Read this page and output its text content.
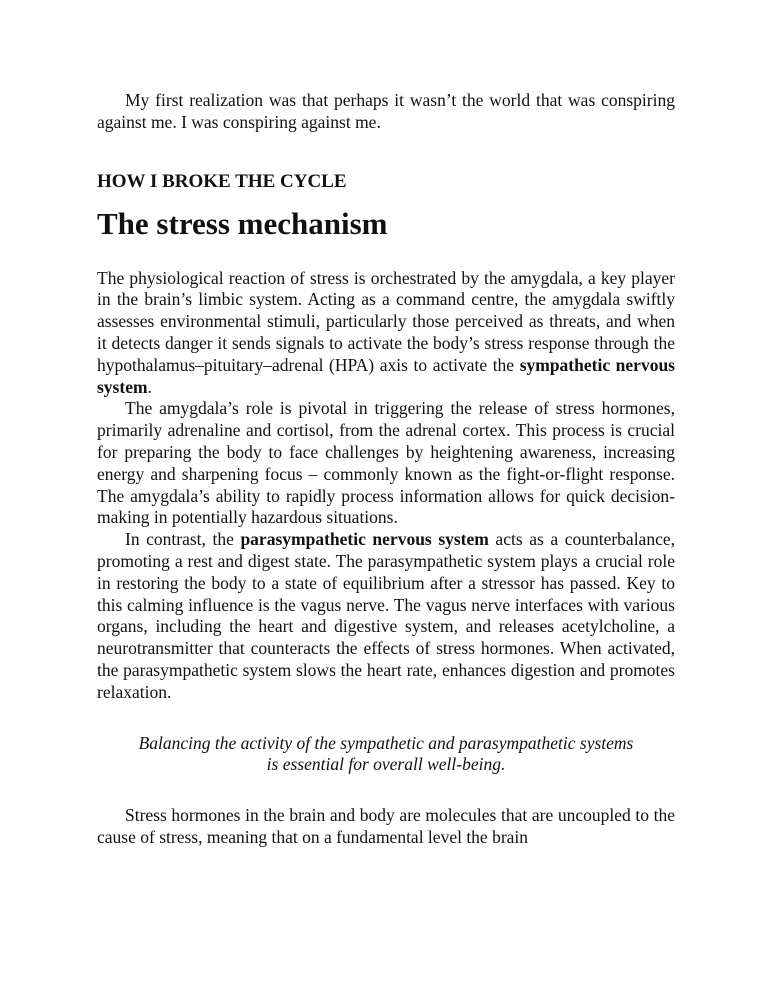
My first realization was that perhaps it wasn’t the world that was conspiring against me. I was conspiring against me.

HOW I BROKE THE CYCLE
The stress mechanism

The physiological reaction of stress is orchestrated by the amygdala, a key player in the brain’s limbic system. Acting as a command centre, the amygdala swiftly assesses environmental stimuli, particularly those perceived as threats, and when it detects danger it sends signals to activate the body’s stress response through the hypothalamus–pituitary–adrenal (HPA) axis to activate the sympathetic nervous system.

The amygdala’s role is pivotal in triggering the release of stress hormones, primarily adrenaline and cortisol, from the adrenal cortex. This process is crucial for preparing the body to face challenges by heightening awareness, increasing energy and sharpening focus – commonly known as the fight-or-flight response. The amygdala’s ability to rapidly process information allows for quick decision-making in potentially hazardous situations.

In contrast, the parasympathetic nervous system acts as a counterbalance, promoting a rest and digest state. The parasympathetic system plays a crucial role in restoring the body to a state of equilibrium after a stressor has passed. Key to this calming influence is the vagus nerve. The vagus nerve interfaces with various organs, including the heart and digestive system, and releases acetylcholine, a neurotransmitter that counteracts the effects of stress hormones. When activated, the parasympathetic system slows the heart rate, enhances digestion and promotes relaxation.

Balancing the activity of the sympathetic and parasympathetic systems
is essential for overall well-being.

Stress hormones in the brain and body are molecules that are uncoupled to the cause of stress, meaning that on a fundamental level the brain
